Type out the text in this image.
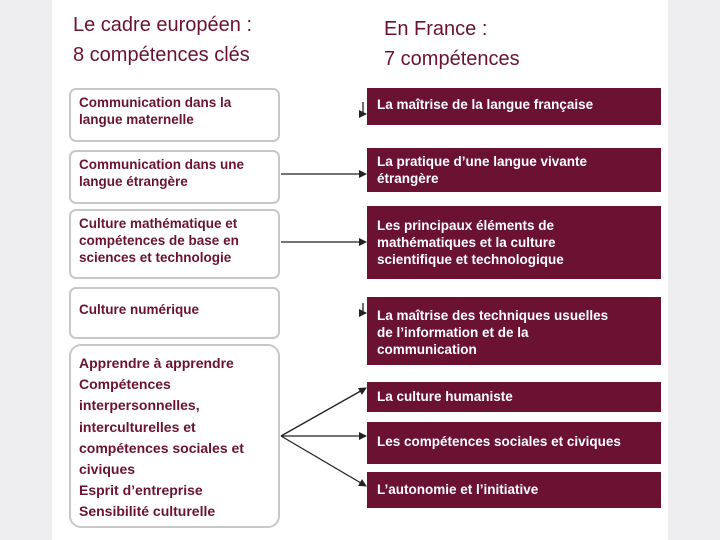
Le cadre européen :
8 compétences clés
En France :
7 compétences
Communication dans la
langue maternelle
Communication dans une
langue étrangère
Culture mathématique et
compétences de base en
sciences et technologie
Culture numérique
Apprendre à apprendre
Compétences
interpersonnelles,
interculturelles et
compétences sociales et
civiques
Esprit d’entreprise
Sensibilité culturelle
La maîtrise de la langue française
La pratique d’une langue vivante
étrangère
Les principaux éléments de
mathématiques et la culture
scientifique et technologique
La maîtrise des techniques usuelles
de l’information et de la
communication
La culture humaniste
Les compétences sociales et civiques
L’autonomie et l’initiative
